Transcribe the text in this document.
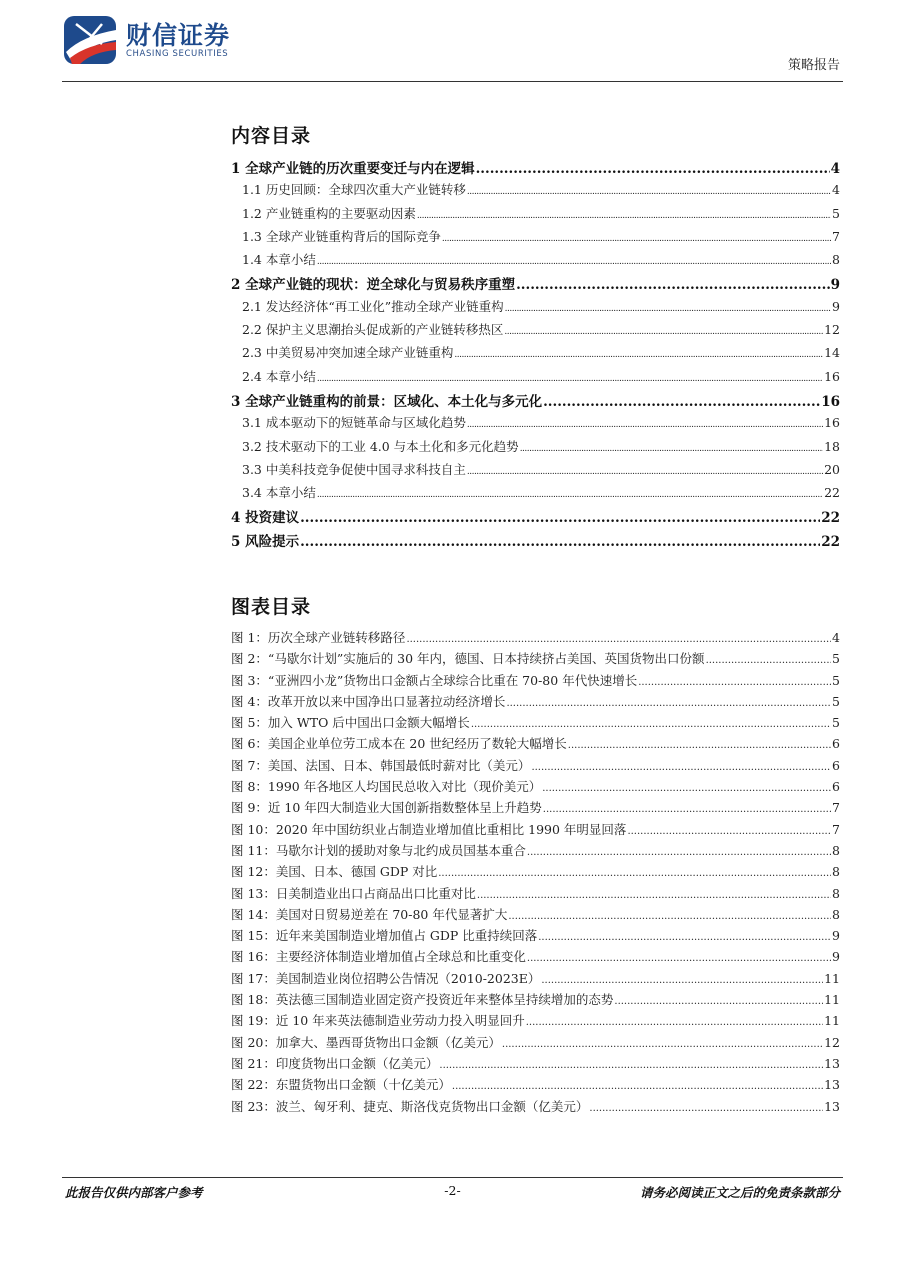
财信证券
CHASING SECURITIES
策略报告
内容目录
1 全球产业链的历次重要变迁与内在逻辑 .....	4
1.1 历史回顾：全球四次重大产业链转移 .....	4
1.2 产业链重构的主要驱动因素 .....	5
1.3 全球产业链重构背后的国际竞争 .....	7
1.4 本章小结 .....	8
2 全球产业链的现状：逆全球化与贸易秩序重塑 .....	9
2.1 发达经济体“再工业化”推动全球产业链重构 .....	9
2.2 保护主义思潮抬头促成新的产业链转移热区 .....	12
2.3 中美贸易冲突加速全球产业链重构 .....	14
2.4 本章小结 .....	16
3 全球产业链重构的前景：区域化、本土化与多元化 .....	16
3.1 成本驱动下的短链革命与区域化趋势 .....	16
3.2 技术驱动下的工业 4.0 与本土化和多元化趋势 .....	18
3.3 中美科技竞争促使中国寻求科技自主 .....	20
3.4 本章小结 .....	22
4 投资建议 .....	22
5 风险提示 .....	22
图表目录
图 1：历次全球产业链转移路径 .....	4
图 2：“马歇尔计划”实施后的 30 年内，德国、日本持续挤占美国、英国货物出口份额 .....	5
图 3：“亚洲四小龙”货物出口金额占全球综合比重在 70-80 年代快速增长 .....	5
图 4：改革开放以来中国净出口显著拉动经济增长 .....	5
图 5：加入 WTO 后中国出口金额大幅增长 .....	5
图 6：美国企业单位劳工成本在 20 世纪经历了数轮大幅增长 .....	6
图 7：美国、法国、日本、韩国最低时薪对比（美元） .....	6
图 8：1990 年各地区人均国民总收入对比（现价美元） .....	6
图 9：近 10 年四大制造业大国创新指数整体呈上升趋势 .....	7
图 10：2020 年中国纺织业占制造业增加值比重相比 1990 年明显回落 .....	7
图 11：马歇尔计划的援助对象与北约成员国基本重合 .....	8
图 12：美国、日本、德国 GDP 对比 .....	8
图 13：日美制造业出口占商品出口比重对比 .....	8
图 14：美国对日贸易逆差在 70-80 年代显著扩大 .....	8
图 15：近年来美国制造业增加值占 GDP 比重持续回落 .....	9
图 16：主要经济体制造业增加值占全球总和比重变化 .....	9
图 17：美国制造业岗位招聘公告情况（2010-2023E） .....	11
图 18：英法德三国制造业固定资产投资近年来整体呈持续增加的态势 .....	11
图 19：近 10 年来英法德制造业劳动力投入明显回升 .....	11
图 20：加拿大、墨西哥货物出口金额（亿美元） .....	12
图 21：印度货物出口金额（亿美元） .....	13
图 22：东盟货物出口金额（十亿美元） .....	13
图 23：波兰、匈牙利、捷克、斯洛伐克货物出口金额（亿美元） .....	13
此报告仅供内部客户参考	-2-	请务必阅读正文之后的免责条款部分
